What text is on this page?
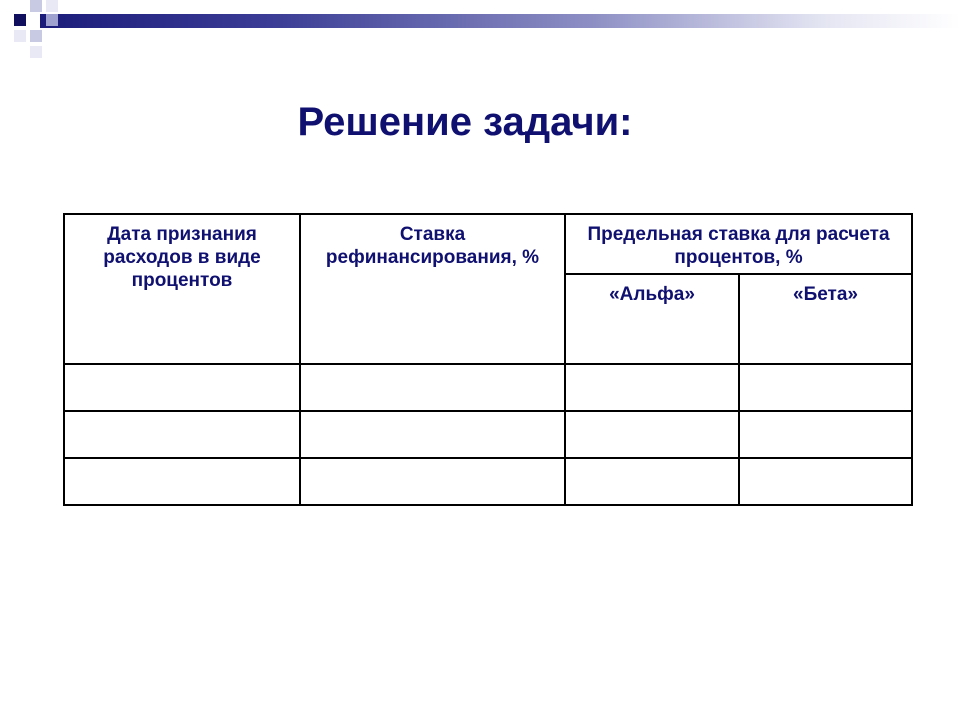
Решение задачи:
Дата признания расходов в виде процентов	Ставка рефинансирования, %	Предельная ставка для расчета процентов, %	
		«Альфа»	«Бета»
